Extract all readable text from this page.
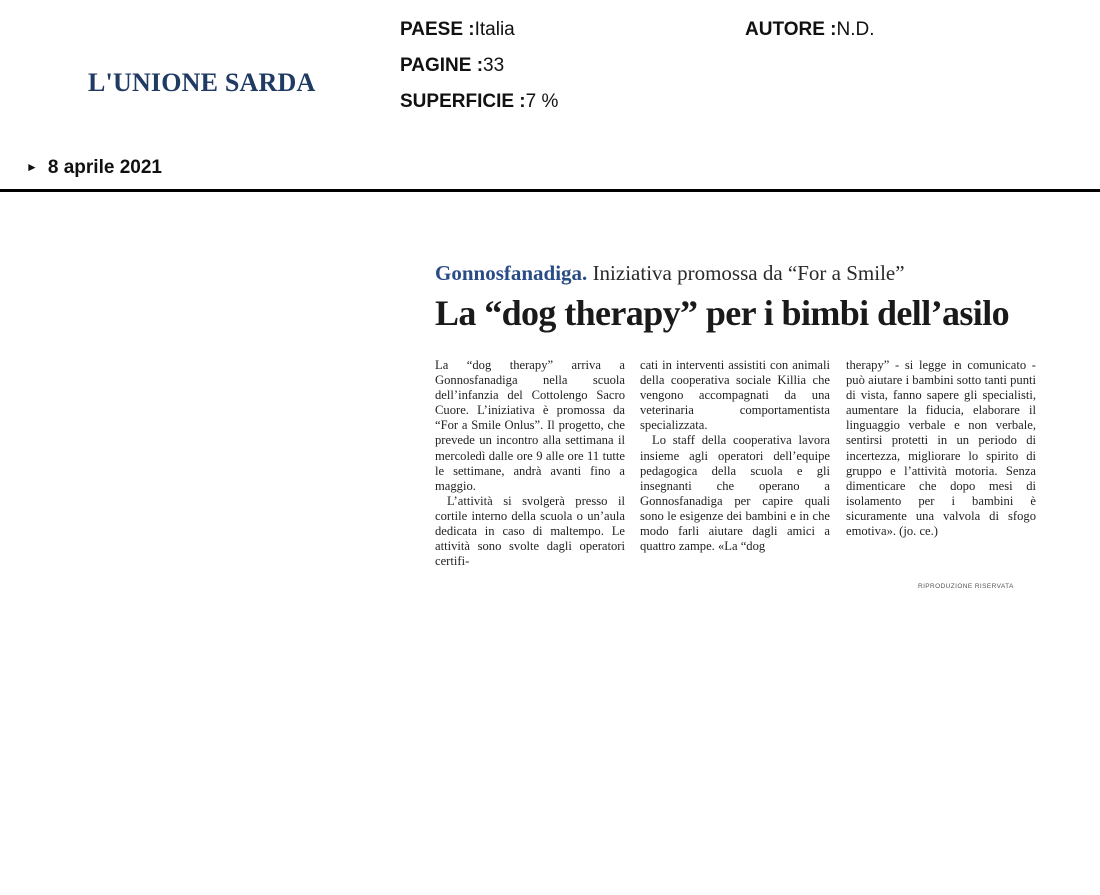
L'UNIONE SARDA
PAESE :Italia
PAGINE :33
SUPERFICIE :7 %
AUTORE :N.D.
► 8 aprile 2021
Gonnosfanadiga. Iniziativa promossa da “For a Smile”
La “dog therapy” per i bimbi dell’asilo

La “dog therapy” arriva a Gonnosfanadiga nella scuola dell’infanzia del Cottolengo Sacro Cuore. L’iniziativa è promossa da “For a Smile Onlus”. Il progetto, che prevede un incontro alla settimana il mercoledì dalle ore 9 alle ore 11 tutte le settimane, andrà avanti fino a maggio.

L’attività si svolgerà presso il cortile interno della scuola o un’aula dedicata in caso di maltempo. Le attività sono svolte dagli operatori certifi-

cati in interventi assistiti con animali della cooperativa sociale Killia che vengono accompagnati da una veterinaria comportamentista specializzata.

Lo staff della cooperativa lavora insieme agli operatori dell’equipe pedagogica della scuola e gli insegnanti che operano a Gonnosfanadiga per capire quali sono le esigenze dei bambini e in che modo farli aiutare dagli amici a quattro zampe. «La “dog

therapy” - si legge in comunicato - può aiutare i bambini sotto tanti punti di vista, fanno sapere gli specialisti, aumentare la fiducia, elaborare il linguaggio verbale e non verbale, sentirsi protetti in un periodo di incertezza, migliorare lo spirito di gruppo e l’attività motoria. Senza dimenticare che dopo mesi di isolamento per i bambini è sicuramente una valvola di sfogo emotiva». (jo. ce.)

RIPRODUZIONE RISERVATA
